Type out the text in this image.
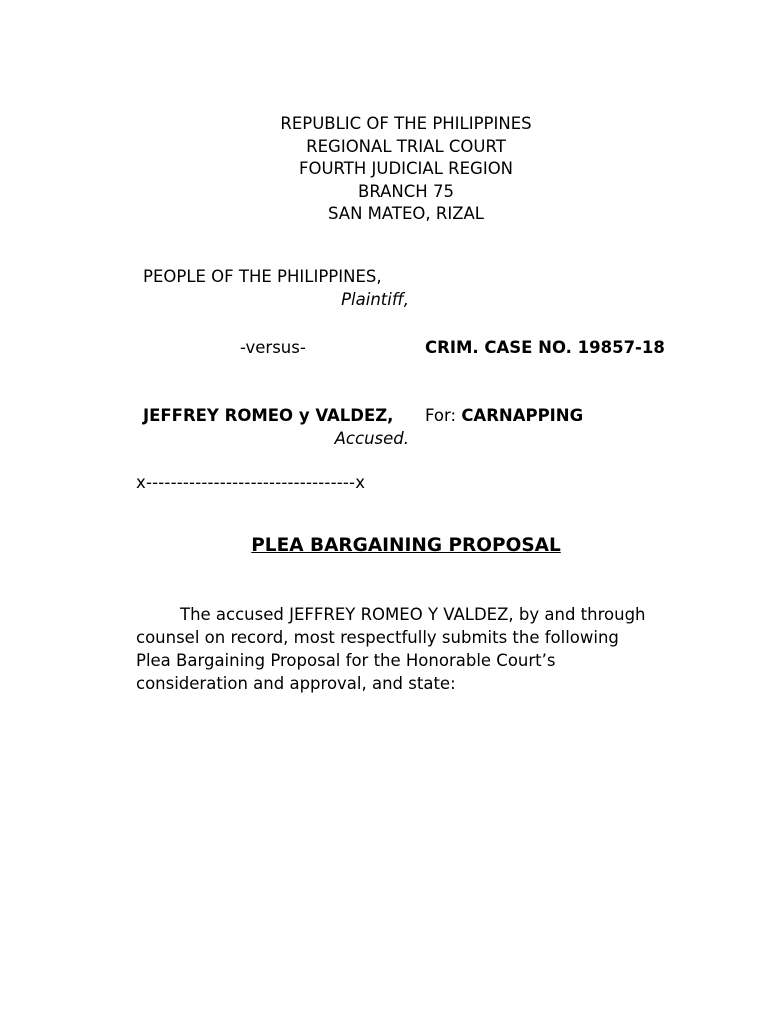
REPUBLIC OF THE PHILIPPINES
REGIONAL TRIAL COURT
FOURTH JUDICIAL REGION
BRANCH 75
SAN MATEO, RIZAL
PEOPLE OF THE PHILIPPINES,
Plaintiff,
-versus-	CRIM. CASE NO. 19857-18
JEFFREY ROMEO y VALDEZ,
Accused.
For: CARNAPPING
x----------------------------------x
PLEA BARGAINING PROPOSAL

The accused JEFFREY ROMEO Y VALDEZ, by and through counsel on record, most respectfully submits the following Plea Bargaining Proposal for the Honorable Court’s consideration and approval, and state:
